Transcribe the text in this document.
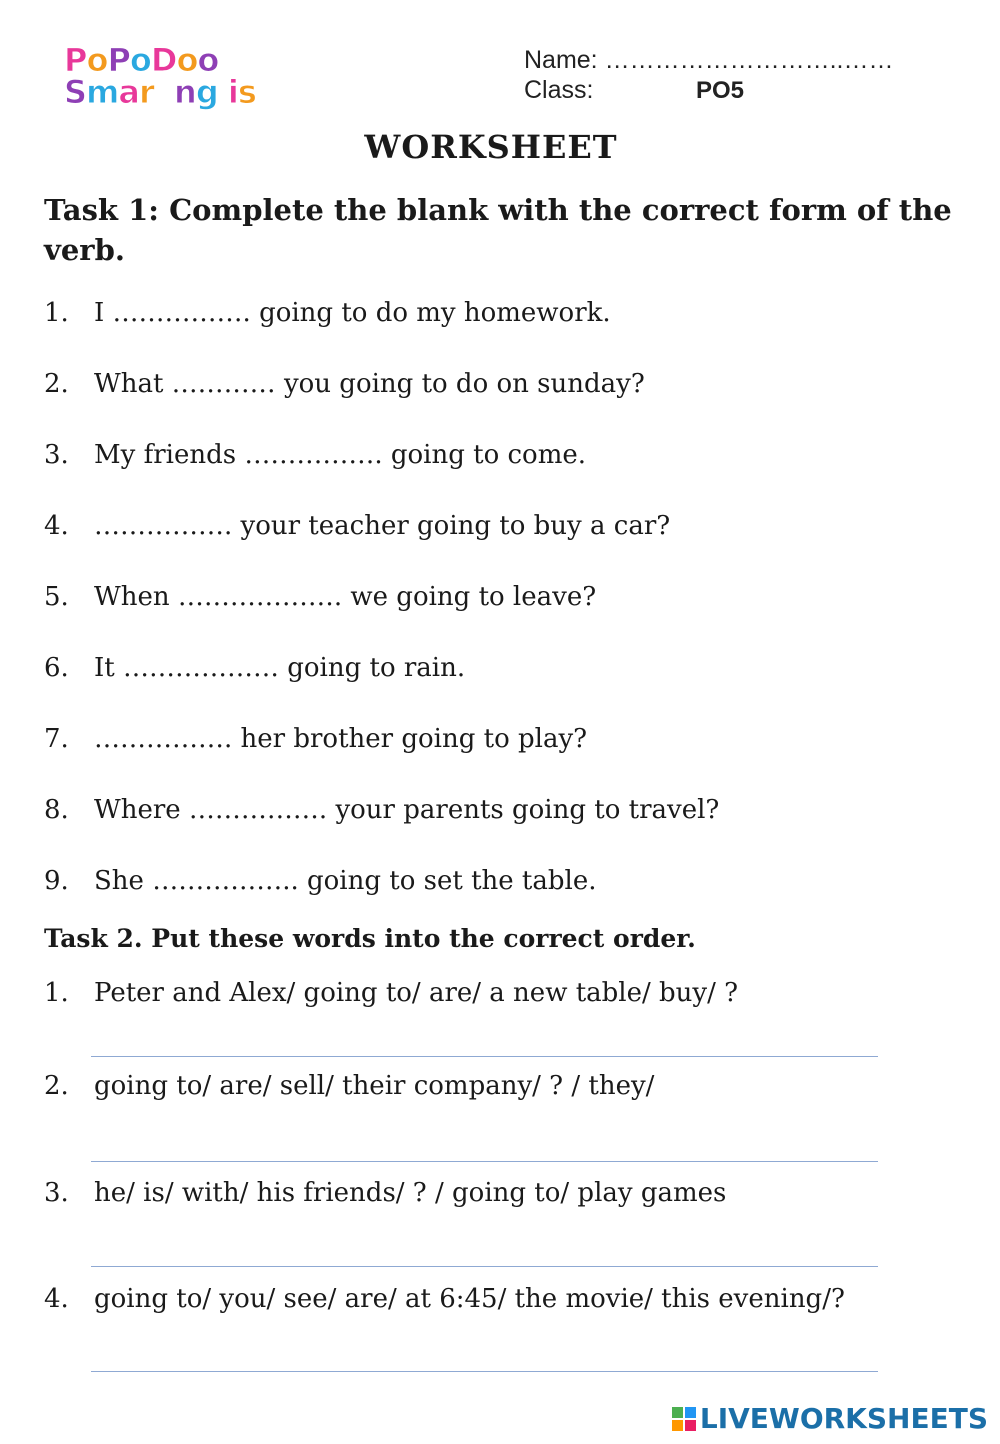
PoPoDoo
Smar ng is
Name: ………………………..……
Class:	PO5
WORKSHEET
Task 1: Complete the blank with the correct form of the verb.
1. I ……………. going to do my homework.
2. What ………… you going to do on sunday?
3. My friends ……………. going to come.
4. ……………. your teacher going to buy a car?
5. When ………………. we going to leave?
6. It ……………… going to rain.
7. ……………. her brother going to play?
8. Where ……………. your parents going to travel?
9. She …………….. going to set the table.
Task 2. Put these words into the correct order.
1. Peter and Alex/ going to/ are/ a new table/ buy/ ?
2. going to/ are/ sell/ their company/ ? / they/
3. he/ is/ with/ his friends/ ? / going to/ play games
4. going to/ you/ see/ are/ at 6:45/ the movie/ this evening/?
LIVEWORKSHEETS
